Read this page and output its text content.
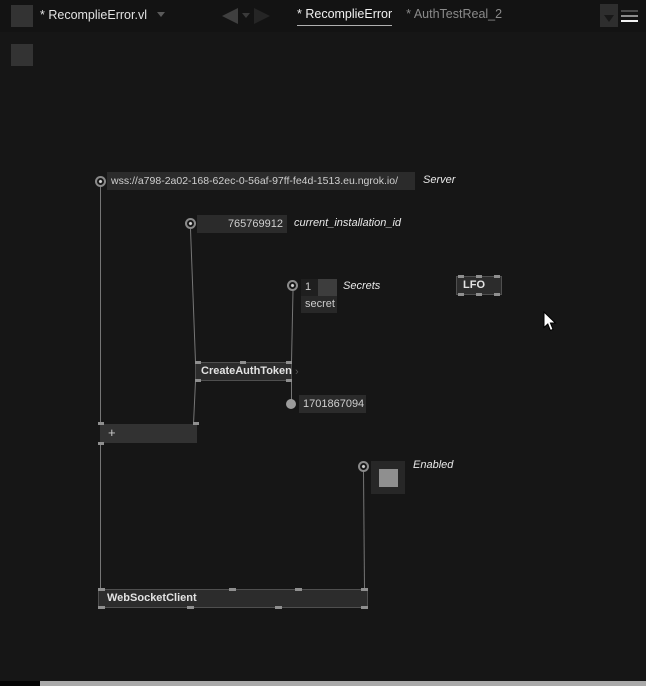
* RecomplieError.vl	* RecomplieError * AuthTestReal_2
wss://a798-2a02-168-62ec-0-56af-97ff-fe4d-1513.eu.ngrok.io/	Server
765769912	current_installation_id
1
secret
Secrets	LFO
CreateAuthToken ›
1701867094
+
Enabled
WebSocketClient
